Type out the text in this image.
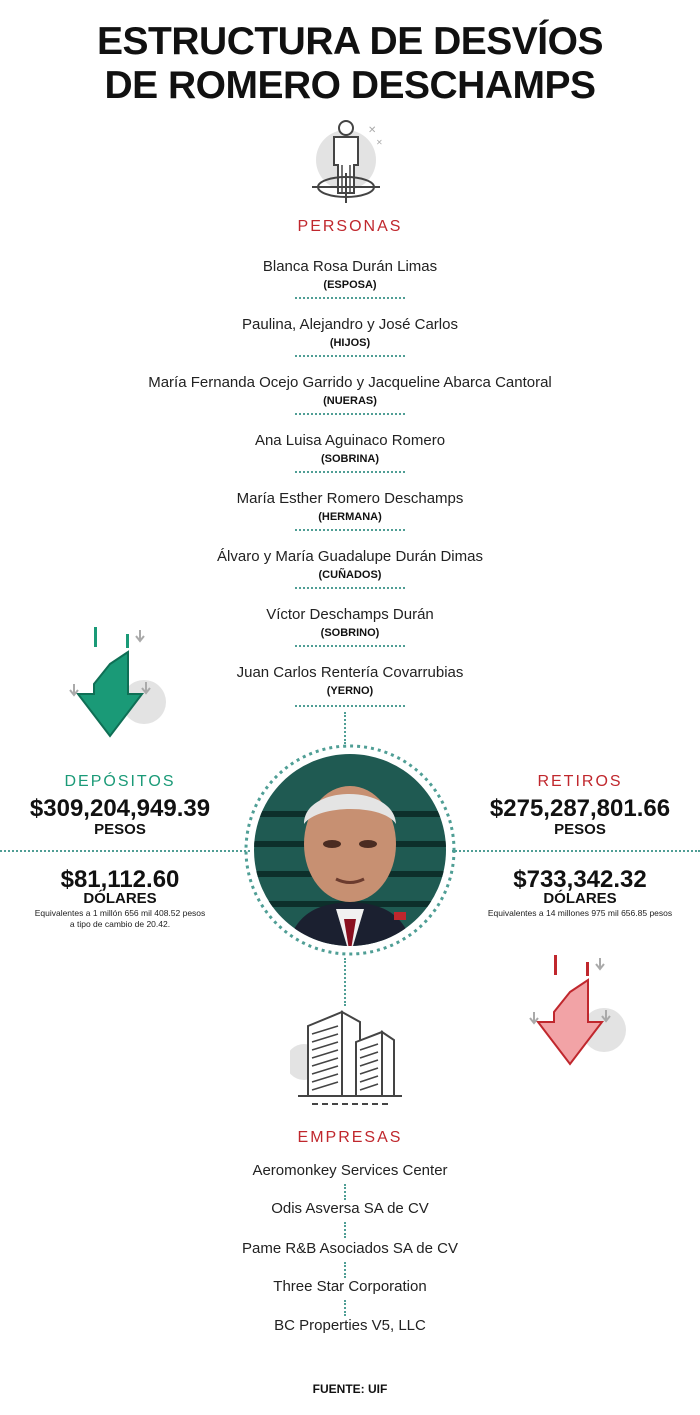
ESTRUCTURA DE DESVÍOS
DE ROMERO DESCHAMPS
✕
✕
PERSONAS
Blanca Rosa Durán Limas
(ESPOSA)
Paulina, Alejandro y José Carlos
(HIJOS)
María Fernanda Ocejo Garrido y Jacqueline Abarca Cantoral
(NUERAS)
Ana Luisa Aguinaco Romero
(SOBRINA)
María Esther Romero Deschamps
(HERMANA)
Álvaro y María Guadalupe Durán Dimas
(CUÑADOS)
Víctor Deschamps Durán
(SOBRINO)
Juan Carlos Rentería Covarrubias
(YERNO)
DEPÓSITOS
$309,204,949.39
PESOS
$81,112.60
DÓLARES
Equivalentes a 1 millón 656 mil 408.52 pesos
a tipo de cambio de 20.42.
RETIROS
$275,287,801.66
PESOS
$733,342.32
DÓLARES
Equivalentes a 14 millones 975 mil 656.85 pesos
EMPRESAS
Aeromonkey Services Center
Odis Asversa SA de CV
Pame R&B Asociados SA de CV
Three Star Corporation
BC Properties V5, LLC
FUENTE: UIF
